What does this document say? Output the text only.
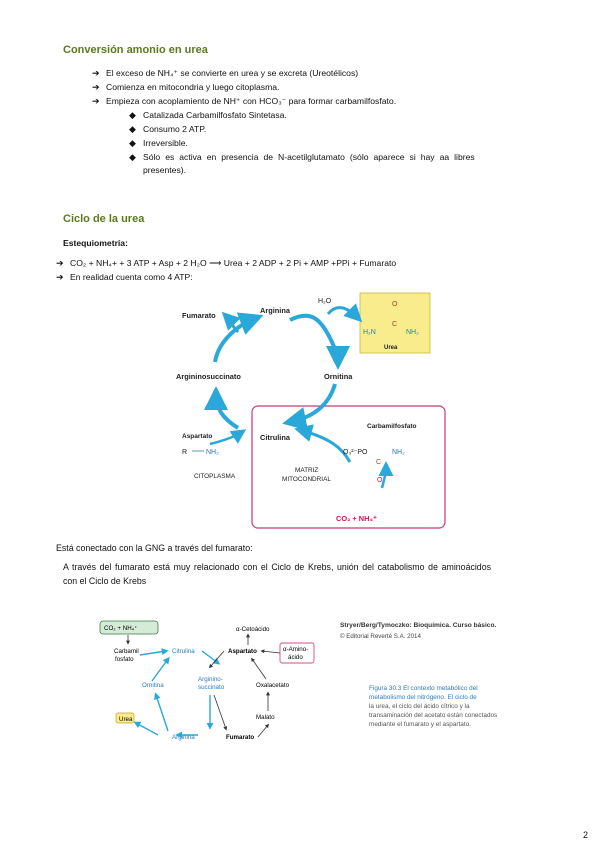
Conversión amonio en urea
➔ El exceso de NH₄⁺ se convierte en urea y se excreta (Ureotélicos)
➔ Comienza en mitocondria y luego citoplasma.
➔ Empieza con acoplamiento de NH⁺ con HCO₃⁻ para formar carbamilfosfato.
◆ Catalizada Carbamilfosfato Sintetasa.
◆ Consumo 2 ATP.
◆ Irreversible.
◆ Sólo es activa en presencia de N-acetilglutamato (sólo aparece si hay aa libres
presentes).
Ciclo de la urea
Estequiometría:
➔ CO₂ + NH₄+ + 3 ATP + Asp + 2 H₂O ⟶ Urea + 2 ADP + 2 Pi + AMP +PPi + Fumarato
➔ En realidad cuenta como 4 ATP:
Fumarato
Arginina
H₂O	O
C
H₂N	NH₂
Urea
Argininosuccinato	Ornitina
Aspartato
R	NH₂
Citrulina
CITOPLASMA
MATRIZ
MITOCONDRIAL
Carbamilfosfato
O₃²⁻PO
C
NH₂
O
CO₂ + NH₄⁺
Está conectado con la GNG a través del fumarato:
A través del fumarato está muy relacionado con el Ciclo de Krebs, unión del catabolismo de aminoácidos
con el Ciclo de Krebs
CO₂ + NH₄⁺
Carbamil
fosfato
Citrulina	Aspartato
α-Cetoácido
α-Amino-
ácido
Ornitina
Arginino-
succinato	Oxalacetato
Malato
Urea
Arginina	Fumarato
Stryer/Berg/Tymoczko: Bioquímica. Curso básico.
© Editorial Reverté S.A. 2014
Figura 30.3 El contexto metabólico del
metabolismo del nitrógeno. El ciclo de
la urea, el ciclo del ácido cítrico y la
transaminación del acetato están conectados
mediante el fumarato y el aspartato.
2
